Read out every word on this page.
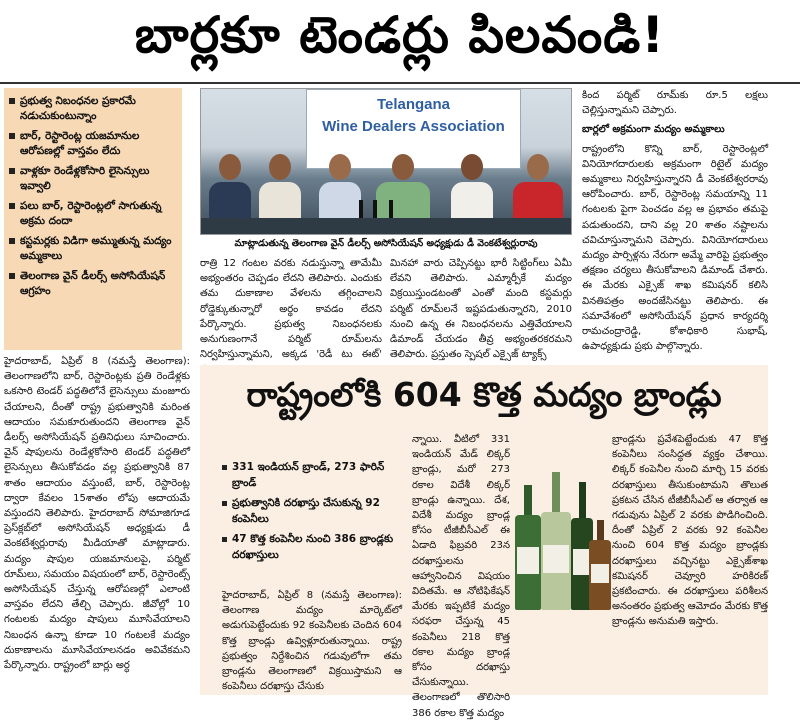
బార్లకూ టెండర్లు పిలవండి!
ప్రభుత్వ నిబంధనల ప్రకారమే నడుచుకుంటున్నాం
బార్, రెస్టారెంట్ల యజమానుల ఆరోపణల్లో వాస్తవం లేదు
వాళ్లకూ రెండేళ్లకోసారి లైసెన్సులు ఇవ్వాలి
పలు బార్, రెస్టారెంట్లలో సాగుతున్న అక్రమ దందా
కస్టమర్లకు విడిగా అమ్ముతున్న మద్యం అమ్మకాలు
తెలంగాణ వైన్ డీలర్స్ అసోసియేషన్ ఆగ్రహం
Telangana
Wine Dealers Association
మాట్లాడుతున్న తెలంగాణ వైన్ డీలర్స్ అసోసియేషన్ అధ్యక్షుడు డీ వెంకటేశ్వర్లురావు

హైదరాబాద్, ఏప్రిల్ 8 (నమస్తే తెలంగాణ): తెలంగాణలోని బార్, రెస్టారెంట్లకు ప్రతి రెండేళ్లకు ఒకసారి టెండర్ పద్ధతిలోనే లైసెన్సులు మంజూరు చేయాలని, దీంతో రాష్ట్ర ప్రభుత్వానికి మరింత ఆదాయం సమకూరుతుందని తెలంగాణ వైన్ డీలర్స్ అసోసియేషన్ ప్రతినిధులు సూచించారు. వైన్ షాపులను రెండేళ్లకోసారి టెండర్ పద్ధతిలో లైసెన్సులు తీసుకోవడం వల్ల ప్రభుత్వానికి 87 శాతం ఆదాయం వస్తుంటే, బార్, రెస్టారెంట్ల ద్వారా కేవలం 15శాతం లోపు ఆదాయమే వస్తుందని తెలిపారు. హైదరాబాద్ సోమాజిగూడ ప్రెస్‌క్లబ్‌లో అసోసియేషన్ అధ్యక్షుడు డీ వెంకటేశ్వర్లురావు మీడియాతో మాట్లాడారు. మద్యం షాపుల యజమానులపై, పర్మిట్ రూమ్‌లు, సమయం విషయంలో బార్, రెస్టారెంట్స్ అసోసియేషన్ చేస్తున్న ఆరోపణల్లో ఎలాంటి వాస్తవం లేదని తేల్చి చెప్పారు. జీవోల్లో 10 గంటలకు మద్యం షాపులు మూసివేయాలని నిబంధన ఉన్నా కూడా 10 గంటలకే మద్యం దుకాణాలను మూసివేయాలనడం అవివేకమని పేర్కొన్నారు. రాష్ట్రంలో బార్లు అర్ధ

రాత్రి 12 గంటల వరకు నడుస్తున్నా తామేమీ అభ్యంతరం చెప్పడం లేదని తెలిపారు. ఎందుకు తమ దుకాణాల వేళలను తగ్గించాలని రోడ్డెక్కుతున్నారో అర్థం కావడం లేదని పేర్కొన్నారు. ప్రభుత్వ నిబంధనలకు అనుగుణంగానే పర్మిట్ రూమ్‌లను నిర్వహిస్తున్నామని, అక్కడ 'రెడీ టు ఈట్'

మినహా వారు చెప్పినట్టు భారీ సిట్టింగ్‌లు ఏమీ లేవని తెలిపారు. ఎమ్మార్పీకే మద్యం విక్రయిస్తుండటంతో ఎంతో మంది కస్టమర్లు పర్మిట్ రూమ్‌లనే ఇష్టపడుతున్నారని, 2010 నుంచి ఉన్న ఈ నిబంధనలను ఎత్తివేయాలని డిమాండ్ చేయడం తీవ్ర అభ్యంతరకరమని తెలిపారు. ప్రస్తుతం స్పెషల్ ఎక్సైజ్ ట్యాక్స్

కింద పర్మిట్ రూమ్‌కు రూ.5 లక్షలు చెల్లిస్తున్నామని చెప్పారు.

బార్లలో అక్రమంగా మద్యం అమ్మకాలు

రాష్ట్రంలోని కొన్ని బార్, రెస్టారెంట్లలో వినియోగదారులకు అక్రమంగా రిటైల్ మద్యం అమ్మకాలు నిర్వహిస్తున్నారని డీ వెంకటేశ్వరరావు ఆరోపించారు. బార్, రెస్టారెంట్ల సమయాన్ని 11 గంటలకు పైగా పెంచడం వల్ల ఆ ప్రభావం తమపై పడుతుందని, దాని వల్ల 20 శాతం నష్టాలను చవిచూస్తున్నామని చెప్పారు. వినియోగదారులు మద్యం పార్సిళ్లను నేరుగా అమ్మే వారిపై ప్రభుత్వం తక్షణం చర్యలు తీసుకోవాలని డిమాండ్ చేశారు. ఈ మేరకు ఎక్సైజ్ శాఖ కమిషనర్ కలిసి వినతిపత్రం అందజేసినట్టు తెలిపారు. ఈ సమావేశంలో అసోసియేషన్ ప్రధాన కార్యదర్శి రామచంద్రారెడ్డి, కోశాధికారి సుభాష్, ఉపాధ్యక్షుడు ప్రభు పాల్గొన్నారు.

రాష్ట్రంలోకి 604 కొత్త మద్యం బ్రాండ్లు
331 ఇండియన్ బ్రాండ్, 273 ఫారిన్ బ్రాండ్
ప్రభుత్వానికి దరఖాస్తు చేసుకున్న 92 కంపెనీలు
47 కొత్త కంపెనీల నుంచి 386 బ్రాండ్లకు దరఖాస్తులు

హైదరాబాద్, ఏప్రిల్ 8 (నమస్తే తెలంగాణ): తెలంగాణ మద్యం మార్కెట్‌లో అడుగుపెట్టేందుకు 92 కంపెనీలకు చెందిన 604 కొత్త బ్రాండ్లు ఉవ్విళ్లూరుతున్నాయి. రాష్ట్ర ప్రభుత్వం నిర్దేశించిన గడువులోగా తమ బ్రాండ్లను తెలంగాణలో విక్రయిస్తామని ఆ కంపెనీలు దరఖాస్తు చేసుకు

న్నాయి. వీటిలో 331 ఇండియన్ మేడ్ లిక్కర్ బ్రాండ్లు, మరో 273 రకాల విదేశీ లిక్కర్ బ్రాండ్లు ఉన్నాయి. దేశ, విదేశీ మద్యం బ్రాండ్ల కోసం టీజీబీసీఎల్ ఈ ఏడాది ఫిబ్రవరి 23న దరఖాస్తులను ఆహ్వానించిన విషయం విదితమే. ఆ నోటిఫికేషన్ మేరకు ఇప్పటికే మద్యం సరఫరా చేస్తున్న 45 కంపెనీలు 218 కొత్త రకాల మద్యం బ్రాండ్ల కోసం దరఖాస్తు చేసుకున్నాయి. తెలంగాణలో తొలిసారి 386 రకాల కొత్త మద్యం

బ్రాండ్లను ప్రవేశపెట్టేందుకు 47 కొత్త కంపెనీలు సంసిద్ధత వ్యక్తం చేశాయి. లిక్కర్ కంపెనీల నుంచి మార్చి 15 వరకు దరఖాస్తులు తీసుకుంటామని తొలుత ప్రకటన చేసిన టీజీబీసీఎల్ ఆ తర్వాత ఆ గడువును ఏప్రిల్ 2 వరకు పొడిగించింది. దీంతో ఏప్రిల్ 2 వరకు 92 కంపెనీల నుంచి 604 కొత్త మద్యం బ్రాండ్లకు దరఖాస్తులు వచ్చినట్టు ఎక్సైజ్‌శాఖ కమిషనర్ చెవ్వూరి హరికిరణ్ ప్రకటించారు. ఈ దరఖాస్తులు పరిశీలన అనంతరం ప్రభుత్వ ఆమోదం మేరకు కొత్త బ్రాండ్లను అనుమతి ఇస్తారు.
